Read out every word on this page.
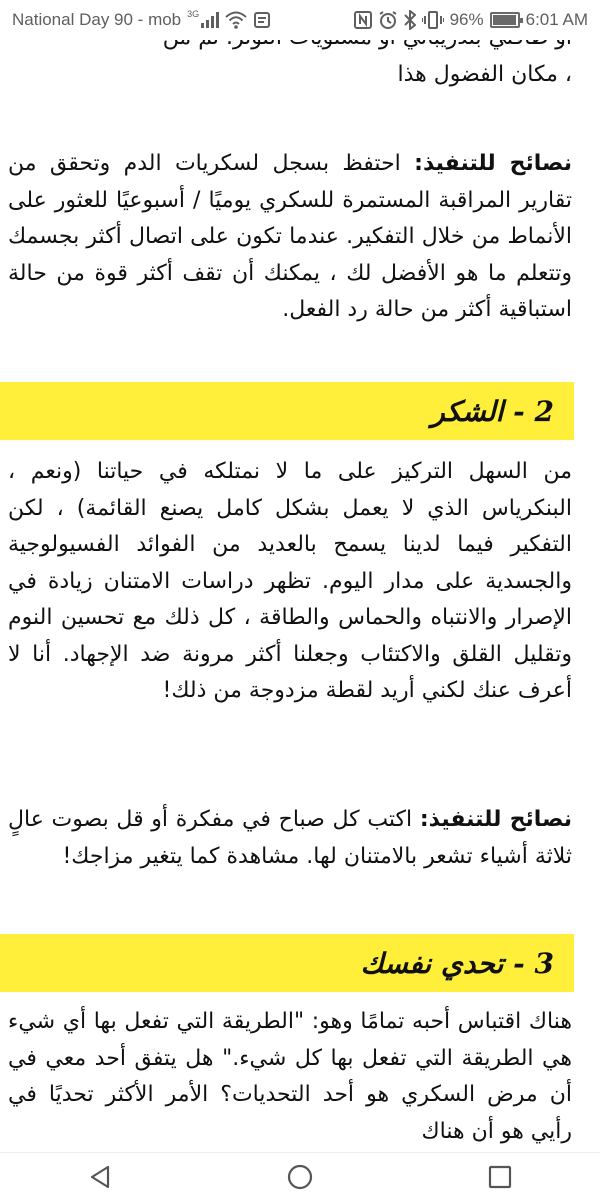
، مكان الفضول هذا
نصائح للتنفيذ: احتفظ بسجل لسكريات الدم وتحقق من تقارير المراقبة المستمرة للسكري يوميًا / أسبوعيًا للعثور على الأنماط من خلال التفكير. عندما تكون على اتصال أكثر بجسمك وتتعلم ما هو الأفضل لك ، يمكنك أن تقف أكثر قوة من حالة استباقية أكثر من حالة رد الفعل.
2 - الشكر
من السهل التركيز على ما لا نمتلكه في حياتنا (ونعم ، البنكرياس الذي لا يعمل بشكل كامل يصنع القائمة) ، لكن التفكير فيما لدينا يسمح بالعديد من الفوائد الفسيولوجية والجسدية على مدار اليوم. تظهر دراسات الامتنان زيادة في الإصرار والانتباه والحماس والطاقة ، كل ذلك مع تحسين النوم وتقليل القلق والاكتئاب وجعلنا أكثر مرونة ضد الإجهاد. أنا لا أعرف عنك لكني أريد لقطة مزدوجة من ذلك!
نصائح للتنفيذ: اكتب كل صباح في مفكرة أو قل بصوت عالٍ ثلاثة أشياء تشعر بالامتنان لها. مشاهدة كما يتغير مزاجك!
3 - تحدي نفسك
هناك اقتباس أحبه تمامًا وهو: "الطريقة التي تفعل بها أي شيء هي الطريقة التي تفعل بها كل شيء." هل يتفق أحد معي في أن مرض السكري هو أحد التحديات؟ الأمر الأكثر تحديًا في رأيي هو أن هناك
National Day 90 - mob 3G	96% 6:01 AM
